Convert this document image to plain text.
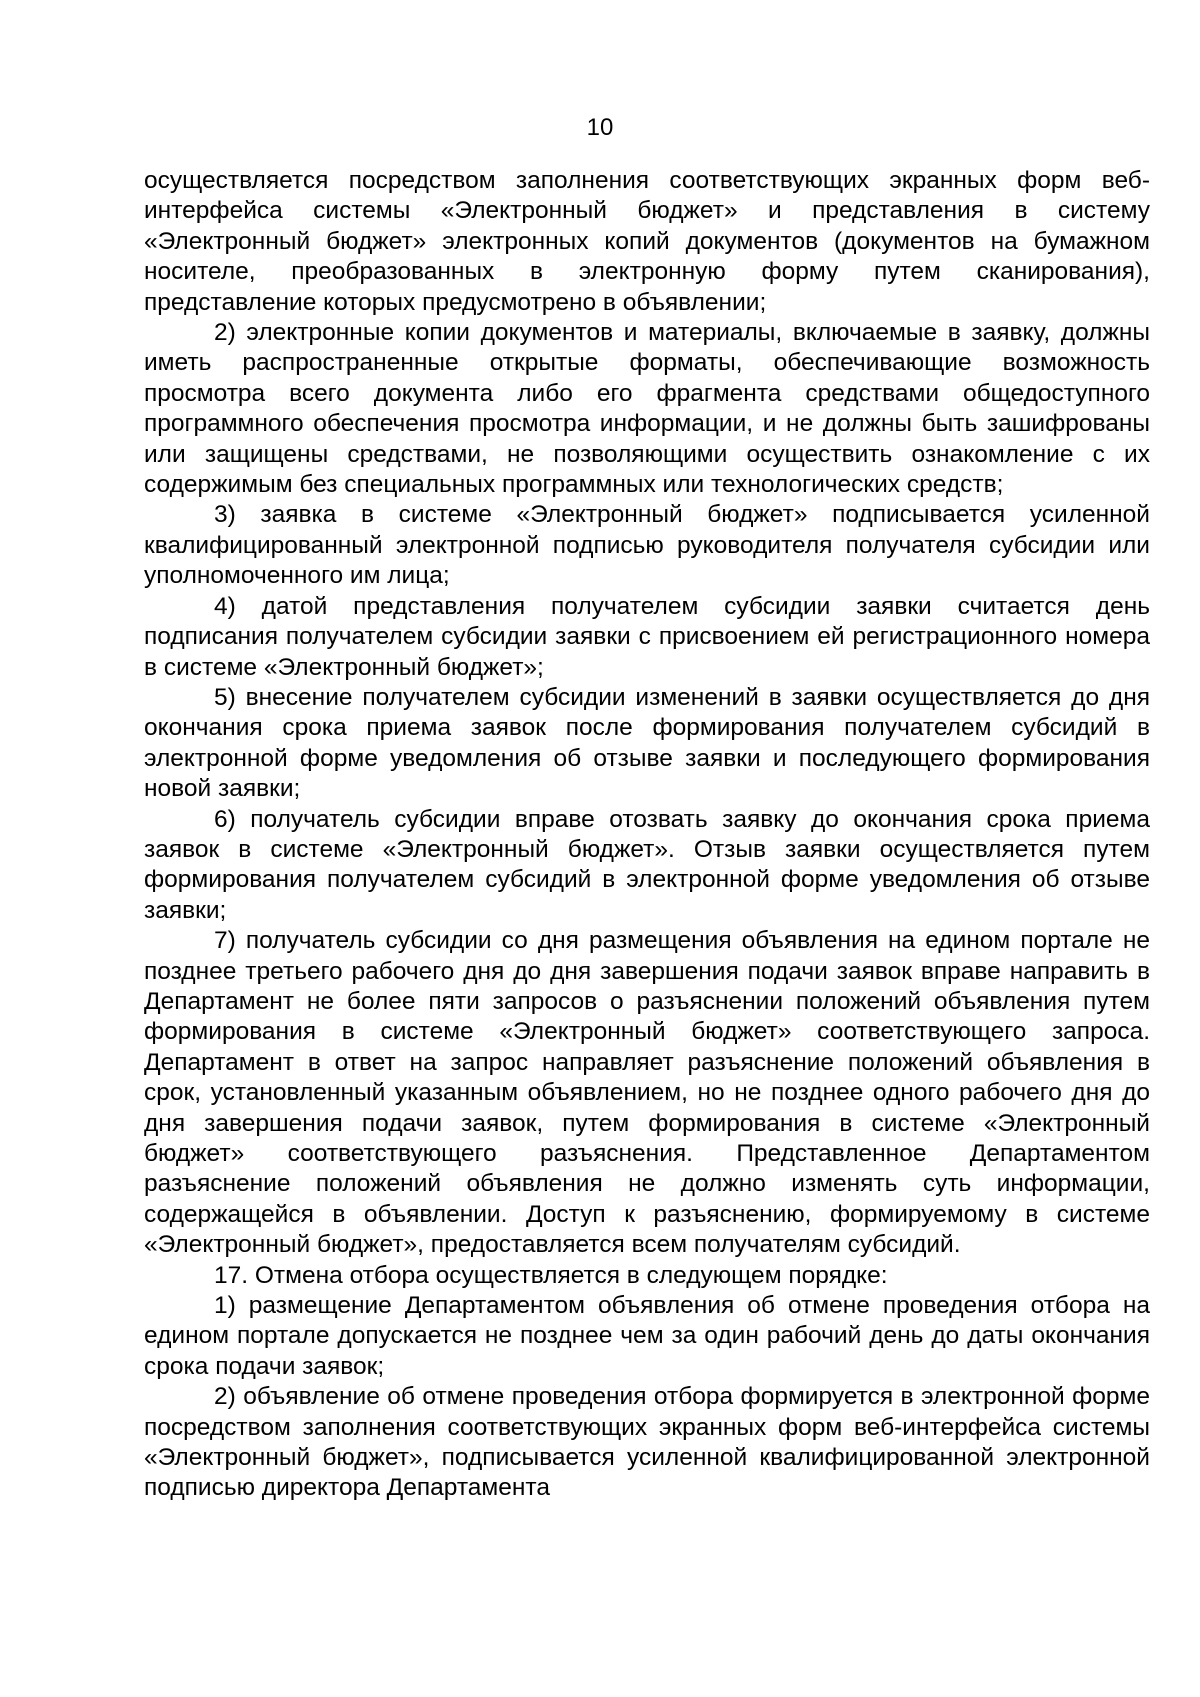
10

осуществляется посредством заполнения соответствующих экранных форм веб-интерфейса системы «Электронный бюджет» и представления в систему «Электронный бюджет» электронных копий документов (документов на бумажном носителе, преобразованных в электронную форму путем сканирования), представление которых предусмотрено в объявлении;

2) электронные копии документов и материалы, включаемые в заявку, должны иметь распространенные открытые форматы, обеспечивающие возможность просмотра всего документа либо его фрагмента средствами общедоступного программного обеспечения просмотра информации, и не должны быть зашифрованы или защищены средствами, не позволяющими осуществить ознакомление с их содержимым без специальных программных или технологических средств;

3) заявка в системе «Электронный бюджет» подписывается усиленной квалифицированный электронной подписью руководителя получателя субсидии или уполномоченного им лица;

4) датой представления получателем субсидии заявки считается день подписания получателем субсидии заявки с присвоением ей регистрационного номера в системе «Электронный бюджет»;

5) внесение получателем субсидии изменений в заявки осуществляется до дня окончания срока приема заявок после формирования получателем субсидий в электронной форме уведомления об отзыве заявки и последующего формирования новой заявки;

6) получатель субсидии вправе отозвать заявку до окончания срока приема заявок в системе «Электронный бюджет». Отзыв заявки осуществляется путем формирования получателем субсидий в электронной форме уведомления об отзыве заявки;

7) получатель субсидии со дня размещения объявления на едином портале не позднее третьего рабочего дня до дня завершения подачи заявок вправе направить в Департамент не более пяти запросов о разъяснении положений объявления путем формирования в системе «Электронный бюджет» соответствующего запроса. Департамент в ответ на запрос направляет разъяснение положений объявления в срок, установленный указанным объявлением, но не позднее одного рабочего дня до дня завершения подачи заявок, путем формирования в системе «Электронный бюджет» соответствующего разъяснения. Представленное Департаментом разъяснение положений объявления не должно изменять суть информации, содержащейся в объявлении. Доступ к разъяснению, формируемому в системе «Электронный бюджет», предоставляется всем получателям субсидий.

17. Отмена отбора осуществляется в следующем порядке:

1) размещение Департаментом объявления об отмене проведения отбора на едином портале допускается не позднее чем за один рабочий день до даты окончания срока подачи заявок;

2) объявление об отмене проведения отбора формируется в электронной форме посредством заполнения соответствующих экранных форм веб-интерфейса системы «Электронный бюджет», подписывается усиленной квалифицированной электронной подписью директора Департамента
